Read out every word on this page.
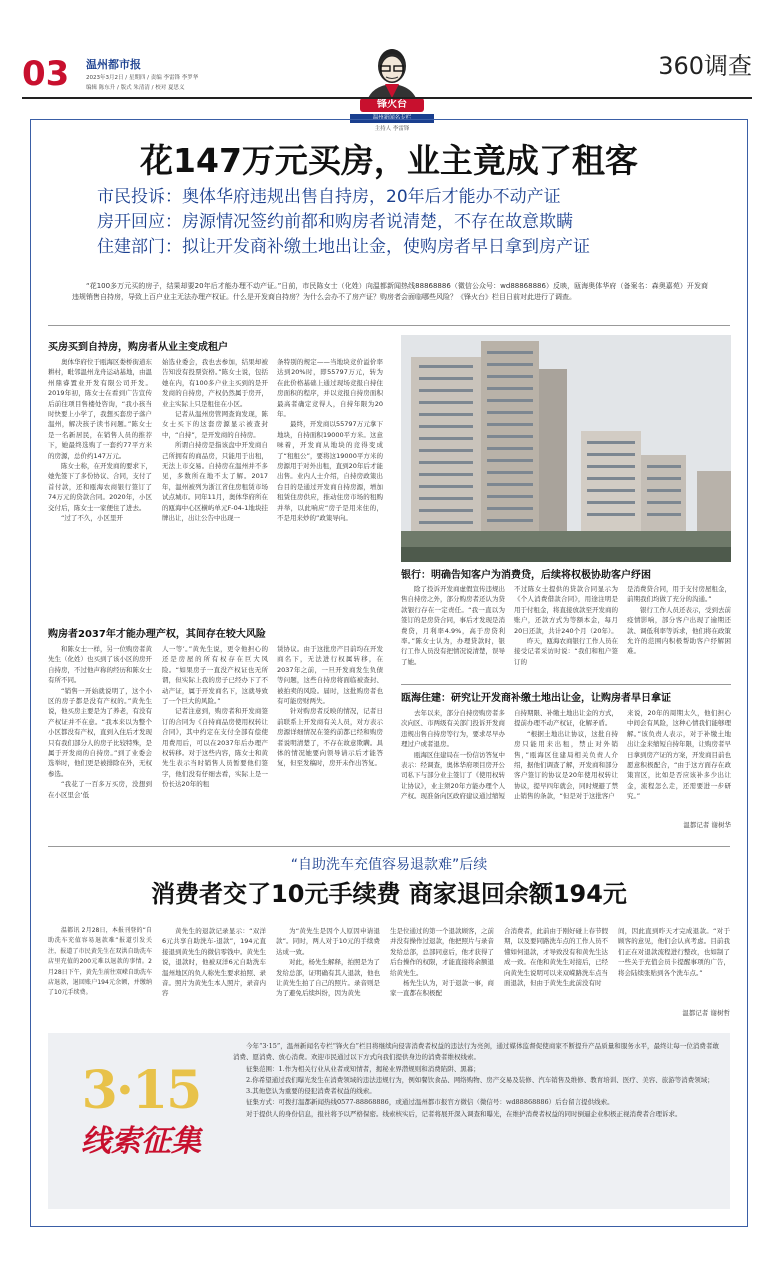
03 温州都市报
2023年3月2日 / 星期四 / 责编 李雷锋 李罗华
编辑 陈东升 / 版式 朱清清 / 校对 夏思义
锋火台
温州新闻名专栏
主持人 李雷锋
360调查
花147万元买房，业主竟成了租客
市民投诉：奥体华府违规出售自持房，20年后才能办不动产证
房开回应：房源情况签约前都和购房者说清楚，不存在故意欺瞒
住建部门：拟让开发商补缴土地出让金，使购房者早日拿到房产证
“花100多万元买的房子，结果却要20年后才能办理不动产证。”日前，市民陈女士（化姓）向温都新闻热线88868886（微信公众号：wd88868886）反映，瓯海奥体华府（备案名：森奥嘉苑）开发商违规销售自持房，导致上百户业主无法办理产权证。什么是开发商自持房？为什么会办不了房产证？购房者会面临哪些风险？《锋火台》栏目日前对此进行了调查。
买房买到自持房，购房者从业主变成租户

奥体华府位于瓯海区娄桥街道东耕村，毗邻温州龙舟运动基地，由温州鼎睿置业开发有限公司开发。2019年初，陈女士在看到广告宣传后前往项目售楼处咨询，“我小孩当时快要上小学了，我想买套房子落户温州，解决孩子读书问题。”陈女士是一名新居民，在销售人员的推荐下，她最终选购了一套约77平方米的房源，总价约147万元。

陈女士称，在开发商的要求下，她先签下了多份协议、合同，支付了首付款，还和瓯海农商银行签订了74万元的贷款合同。2020年，小区交付后，陈女士一家便住了进去。

“过了不久，小区里开

始选业委会，我也去参加，结果却被告知没有投票资格。”陈女士说，包括她在内，有100多户业主买到的是开发商的自持房，产权仍然属于房开，业主实际上只是租住在小区。

记者从温州房管网查询发现，陈女士买下的这套房源显示被查封中，“自持”，是开发商的自持房。

所谓自持房是指该盘中开发商自己所拥有的商品房，只能用于出租，无法上市交易。自持房在温州并不多见，多数所在地不太了解。2017年，温州被列为浙江省住房租赁市场试点城市。同年11月，奥体华府所在的瓯海中心区横屿单元F-04-1地块挂牌出让，出让公告中出现一

条特别的规定——当地块竞价溢价率达到20%时，即55797万元，转为在此价格基础上通过现场竞报自持住房面积的程序，并以竞报自持房面积最高者确定竞得人，自持年限为20年。

最终，开发商以55797万元拿下地块，自持面积19000平方米。这意味着，开发商从地块的竞得变成了“租租公”，要将这19000平方米的房源用于对外出租，直到20年后才能出售。业内人士介绍，自持房政策出台目的是通过开发商自持房源，增加租赁住房供应，推动住房市场的租购并举，以此响应“房子是用来住的，不是用来炒的”政策导向。

银行：明确告知客户为消费贷，后续将权极协助客户纾困

除了投诉开发商虚假宣传违规出售自持房之外，部分购房者还认为贷款银行存在一定责任。“我一直以为签订的是房贷合同，事后才发现是消费贷，月利率4.9%，高于房贷利率。”陈女士认为，办理贷款时，银行工作人员没有把情况说清楚，误导了她。

不过陈女士提供的贷款合同显示为《个人消费借款合同》，用途注明是用于付租金，将直接放款至开发商的账户，还款方式为等额本金，每月20日还款，共计240个月（20年）。

昨天，瓯海农商银行工作人员在接受记者采访时说：“我们和租户签订的

是消费贷合同，用于支付房屋租金，前期我们均做了充分的沟通。”

银行工作人员还表示，受到去前疫情影响，部分客户出现了逾期还款、调低利率等诉求，他们将在政策允许的范围内积极帮助客户纾解困难。

购房者2037年才能办理产权，其间存在较大风险

和陈女士一样，另一位购房者黄先生（化姓）也买到了该小区的房开自持房，不过他声称的经历和陈女士有所不同。

“销售一开始就说明了，这个小区的房子都是没有产权的。”黄先生说，他买房主要是为了养老，有没有产权证并不在意。“我本来以为整个小区都没有产权，直到入住后才发现只有我们部分人的房子比较特殊，是属于开发商的自持房。”到了业委会选举时，他们更是被排除在外，无权参选。

“我花了一百多万买房，没想到在小区里会‘低

人一等’。”黄先生说，更令他担心的还是房屋的所有权存在巨大风险。“如果房子一直没产权证也无所谓，但实际上我的房子已经办下了不动产证，属于开发商名下，这就导致了一个巨大的风险。”

记者注意到，购房者和开发商签订的合同为《自持商品房使用权转让合同》，其中约定在支付全部有偿使用费用后，可以在2037年后办理产权转移。对于这些内容，陈女士和黄先生表示当时销售人员暂要他们签字，他们没有仔细去看，实际上是一份长达20年的租

赁协议。由于这批房产目前均在开发商名下，无法进行权属转移，在2037年之前，一旦开发商发生负债等问题，这些自持房将面临被查封、被拍卖的风险。届时，这批购房者也有可能房财两失。

针对购房者反映的情况，记者日前联系上开发商有关人员，对方表示房源详细情况在签约前都已经和购房者说明清楚了，不存在故意欺瞒。具体的情况她要向领导请示后才能答复，但至发稿时，房开未作出答复。

瓯海住建：研究让开发商补缴土地出让金，让购房者早日拿证

去年以来，部分自持房购房者多次向区、市两级有关部门投诉开发商违规出售自持房等行为，要求尽早办理过户或者退房。

瓯海区住建局在一份信访答复中表示：经调查，奥体华府项目房开公司私下与部分业主签订了《使用权转让协议》，业主须20年方能办理个人产权。现准备向区政府建议通过缩短

自持期限、补缴土地出让金的方式，提前办理不动产权证，化解矛盾。

“根据土地出让协议，这批自持房只能用来出租，禁止对外销售，”瓯海区住建局相关负责人介绍，据他们调查了解，开发商和部分客户签订的协议是20年使用权转让协议，提早四年就会，同时规避了禁止销售的条款，“但是对于这批客户

来说，20年的周期太久，他们担心中间会有风险，这种心情我们能够理解。”该负责人表示，对于补缴土地出让金来缩短自持年限，让购房者早日拿到房产证的方案，开发商目前也愿意积极配合，“由于这方面存在政策盲区，比如是否应该补多少出让金，流程怎么走，还需要进一步研究。”

温都记者 谢树华
“自助洗车充值容易退款难”后续
消费者交了10元手续费 商家退回余额194元

温都讯 2月28日，本报刊登的“自助洗车充值容易退款难”报道引发关注，报道了市民黄先生在双洪自助洗车店里充值的200元难以退款的事情。2月28日下午，黄先生前往双嵘自助洗车店退款，退回账户194元余额，并缴纳了10元手续费。

黄先生的退款记录显示：“双洋6元共享自助洗车-退款”，194元直接退到黄先生的微信零钱中。黄先生说，退款时，他被双洋6元自助洗车温州地区的负人称先生要求拍照、录音。照片为黄先生本人照片，录音内容

为“黄先生是因个人原因申请退款”。同时，两人对于10元的手续费达成一致。

对此，杨先生解释，拍照是为了发给总部，证明确有其人退款，他也让黄先生拍了自己的照片。录音则是为了避免后续纠纷，因为黄先

生是位通过的第一个退款顾客，之前并没有操作过退款，他把照片与录音发给总部，总部同意后，他才获得了后台操作的权限，才能直接将余额退给黄先生。

杨先生认为，对于退款一事，商家一直都在积极配

合消费者，此前由于刚好碰上春节假期，以及要同路洗车点的工作人员不懂如何退款，才导致没有和黄先生达成一致。在他和黄先生对接后，已经向黄先生说明可以来双嵘路洗车点当面退款，但由于黄先生此前没有时

间，因此直到昨天才完成退款。“对于顾客的意见，他们会认真考虑。目前我们正在对退款流程进行整改，也如制了一些关于充值会员卡提醒事项的广告，将会陆续张贴到各个洗车点。”

温都记者 谢树哲
3·15
线索征集

今年“3·15”，温州新闻名专栏“锋火台”栏目将继续向侵害消费者权益的违法行为亮剑，通过媒体监督促使商家不断提升产品质量和服务水平，最终让每一位消费者敢消费、愿消费、放心消费。欢迎市民通过以下方式向我们提供身边的消费者维权线索。

征集范围：1.作为相关行业从业者或知情者，揭秘业界潜规则和消费陷阱、黑幕；

2.你希望通过我们曝光发生在消费领域的违法违规行为，例如餐饮食品、网络购物、房产交易及装修、汽车销售及维修、教育培训、医疗、美容、旅游等消费领域；

3.其他您认为重要的侵犯消费者权益的线索。

征集方式：可拨打温都新闻热线0577-88868886，或通过温州都市报官方微信（微信号：wd88868886）后台留言提供线索。

对于提供人的身份信息，报社将予以严格保密。线索核实后，记者将展开深入调查和曝光，在维护消费者权益的同时倒逼企业积极正视消费者合理诉求。
